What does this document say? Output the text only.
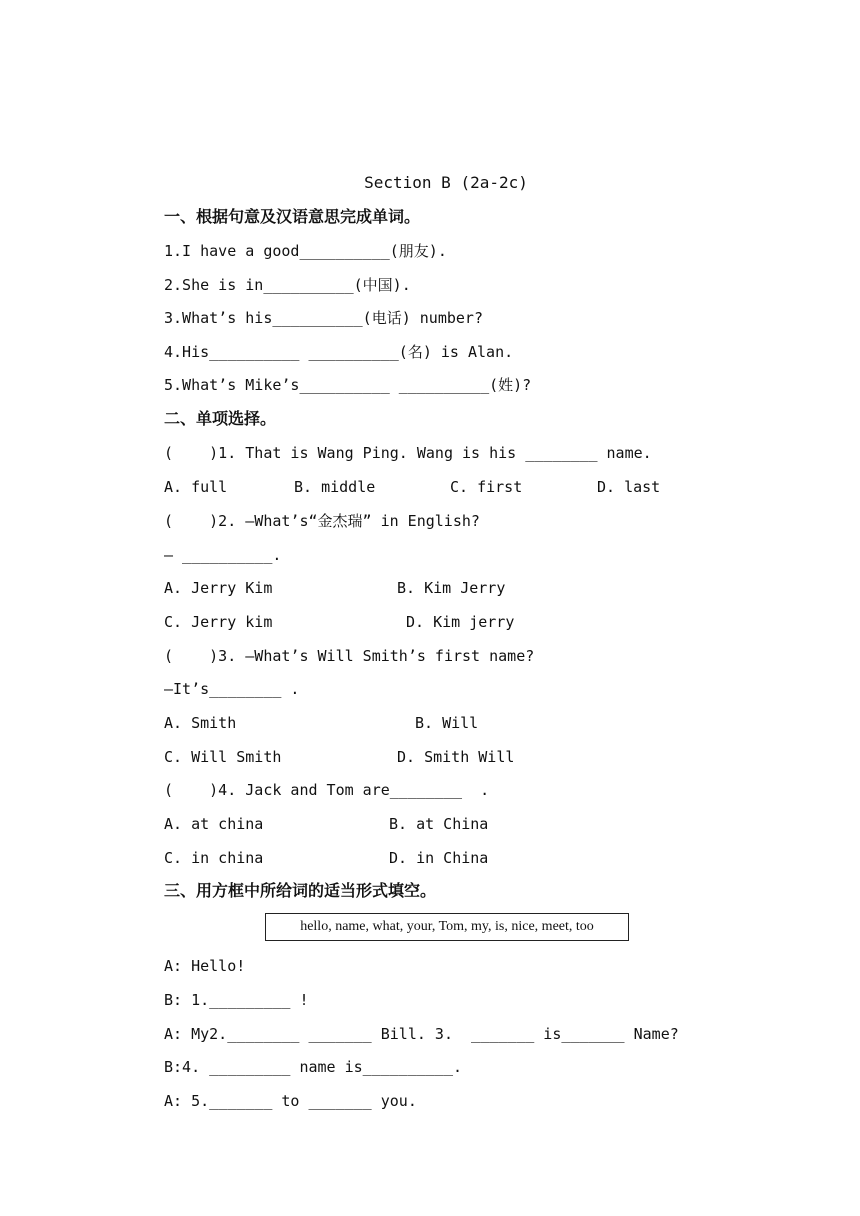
Section B (2a-2c)
一、根据句意及汉语意思完成单词。
1.I have a good__________(朋友).
2.She is in__________(中国).
3.What’s his__________(电话) number?
4.His__________ __________(名) is Alan.
5.What’s Mike’s__________ __________(姓)?
二、单项选择。
(    )1. That is Wang Ping. Wang is his ________ name.
A. full	B. middle	C. first	D. last
(    )2. —What’s“金杰瑞” in English?
— __________.
A. Jerry Kim	B. Kim Jerry
C. Jerry kim	D. Kim jerry
(    )3. —What’s Will Smith’s first name?
—It’s________ .
A. Smith	B. Will
C. Will Smith	D. Smith Will
(    )4. Jack and Tom are________  .
A. at china	B. at China
C. in china	D. in China
三、用方框中所给词的适当形式填空。
hello, name, what, your, Tom, my, is, nice, meet, too
A: Hello!
B: 1._________ !
A: My2.________ _______ Bill. 3.  _______ is_______ Name?
B:4. _________ name is__________.
A: 5._______ to _______ you.
